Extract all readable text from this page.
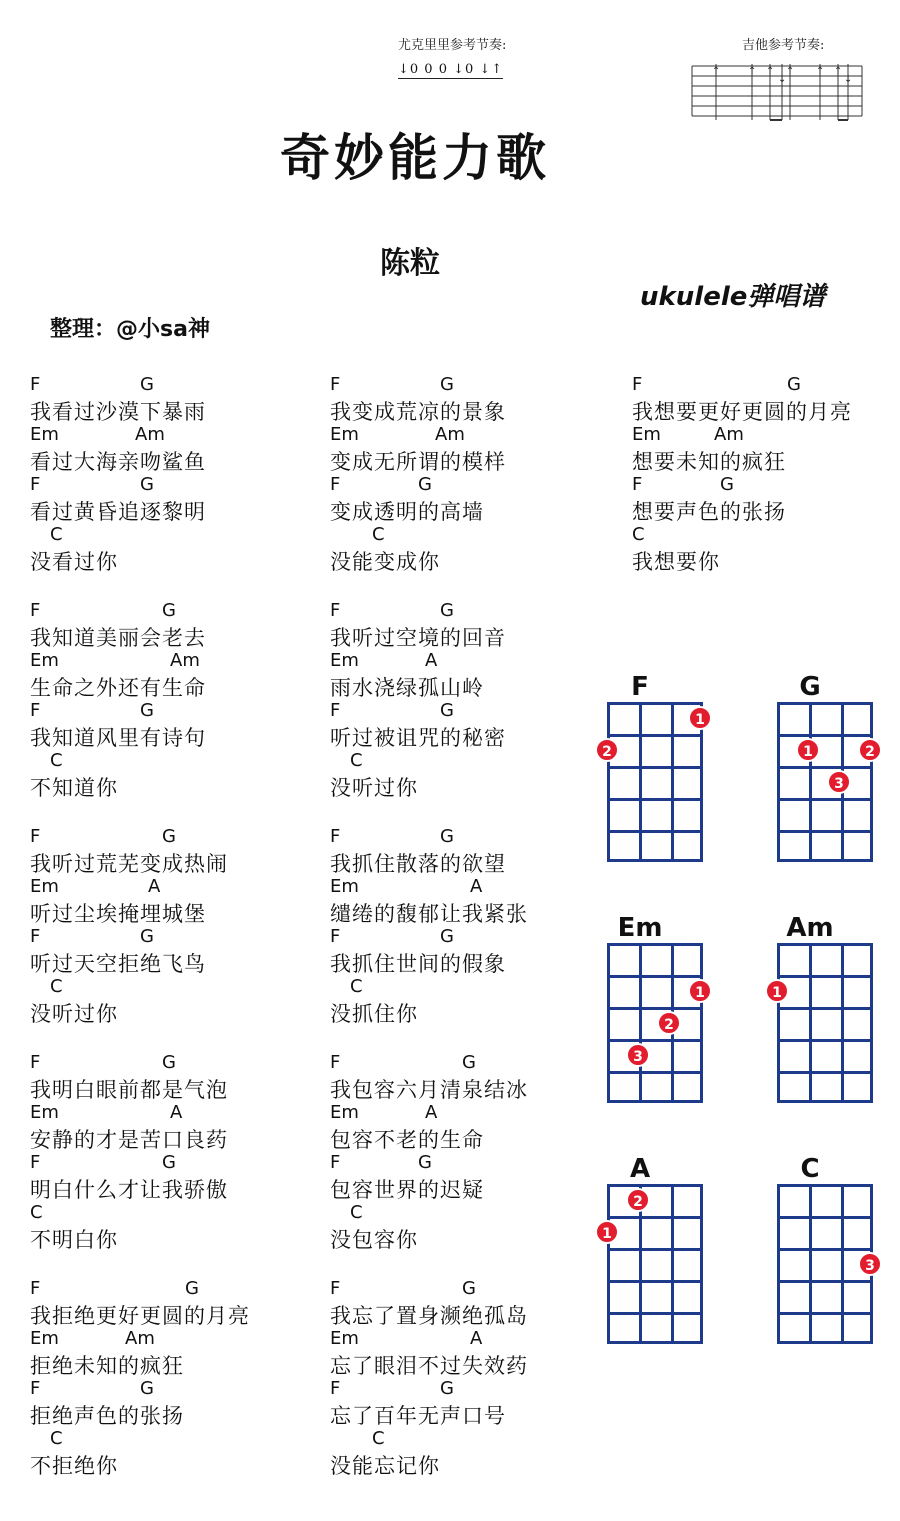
尤克里里参考节奏:
↓0 0 0 ↓0 ↓↑
吉他参考节奏:
↑	↑ ↑
↓
↑ ↑ ↑
↓
奇妙能力歌
陈粒
ukulele弹唱谱
整理：@小sa神
F	G
我看过沙漠下暴雨
Em	Am
看过大海亲吻鲨鱼
F	G
看过黄昏追逐黎明
C
没看过你
F	G
我知道美丽会老去
Em	Am
生命之外还有生命
F	G
我知道风里有诗句
C
不知道你
F	G
我听过荒芜变成热闹
Em	A
听过尘埃掩埋城堡
F	G
听过天空拒绝飞鸟
C
没听过你
F	G
我明白眼前都是气泡
Em	A
安静的才是苦口良药
F	G
明白什么才让我骄傲
C
不明白你
F	G
我拒绝更好更圆的月亮
Em	Am
拒绝未知的疯狂
F	G
拒绝声色的张扬
C
不拒绝你
F	G
我变成荒凉的景象
Em	Am
变成无所谓的模样
F	G
变成透明的高墙
C
没能变成你
F	G
我听过空境的回音
Em	A
雨水浇绿孤山岭
F	G
听过被诅咒的秘密
C
没听过你
F	G
我抓住散落的欲望
Em	A
缱绻的馥郁让我紧张
F	G
我抓住世间的假象
C
没抓住你
F	G
我包容六月清泉结冰
Em	A
包容不老的生命
F	G
包容世界的迟疑
C
没包容你
F	G
我忘了置身濒绝孤岛
Em	A
忘了眼泪不过失效药
F	G
忘了百年无声口号
C
没能忘记你
F	G
我想要更好更圆的月亮
Em	Am
想要未知的疯狂
F	G
想要声色的张扬
C
我想要你
F
1
2
G
1	2
3
Em
1
2
3
Am
1
A
2
1
C
3
